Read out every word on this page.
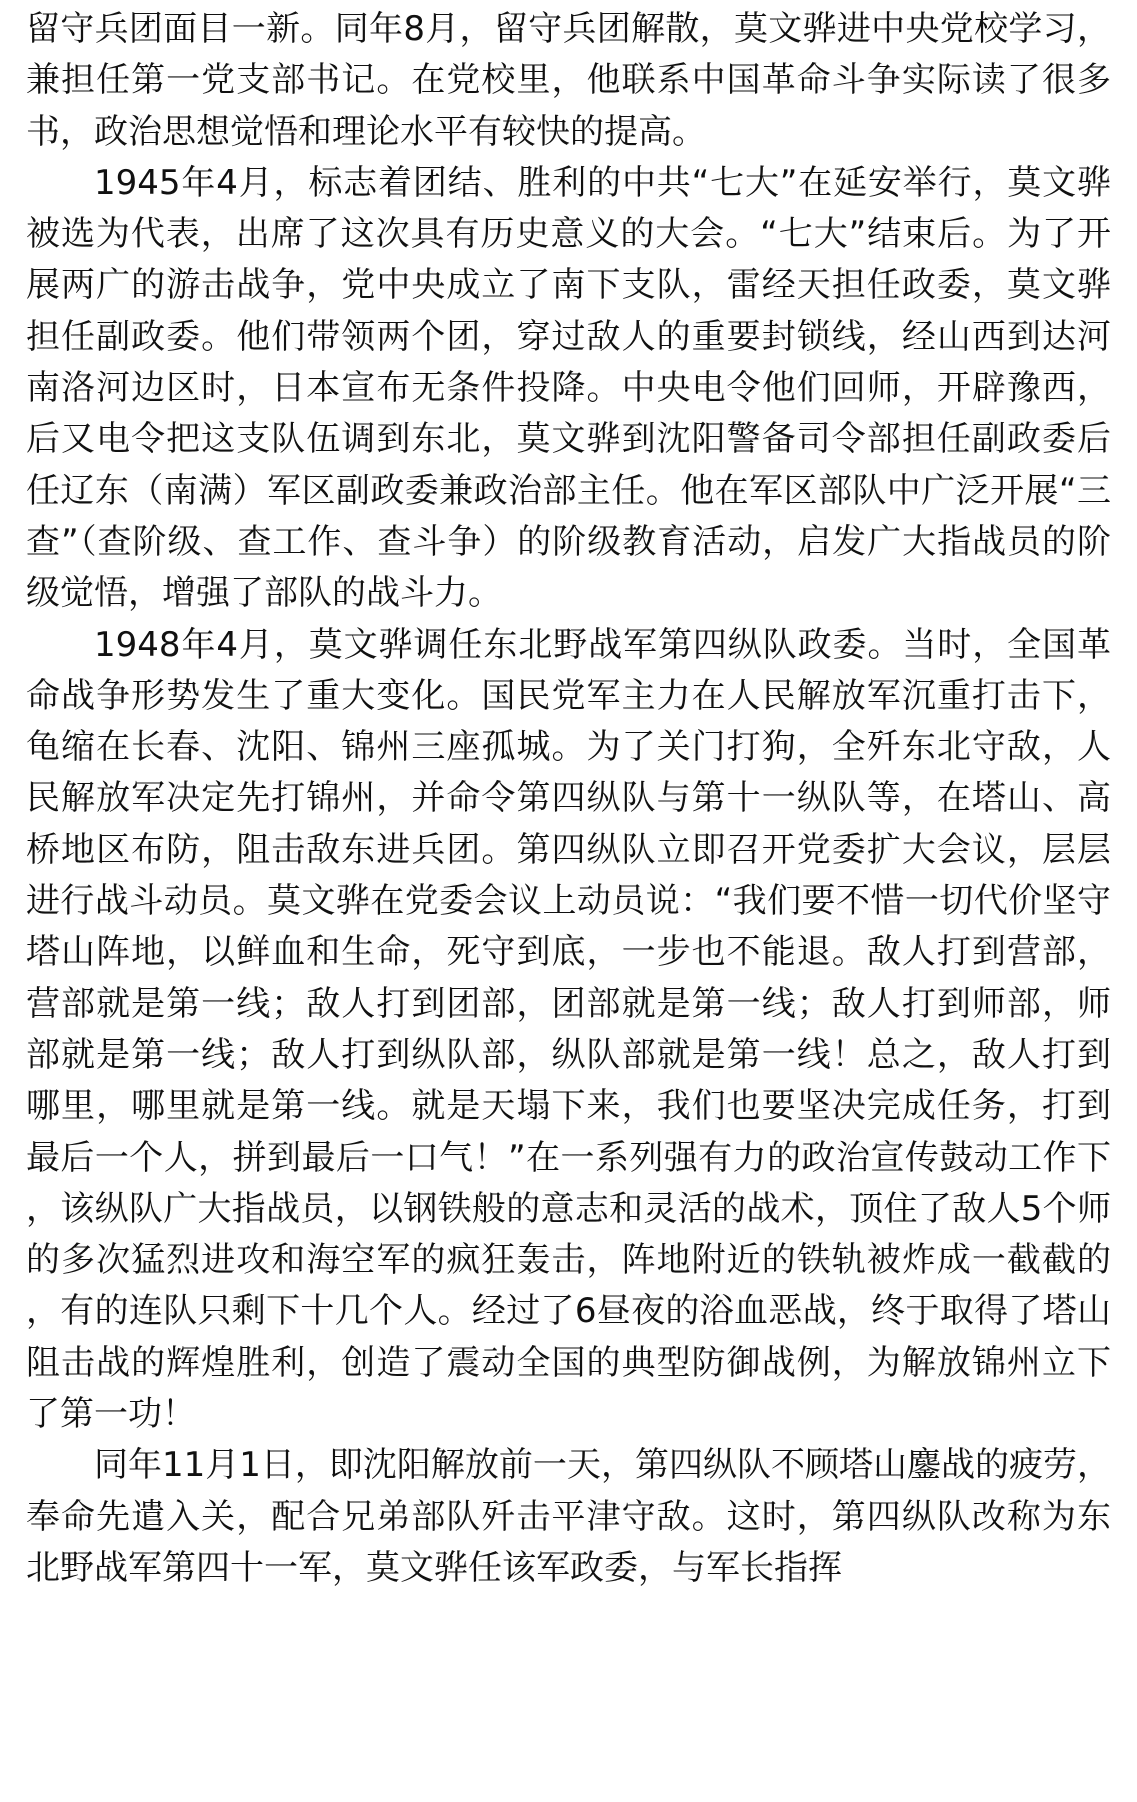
留守兵团面目一新。同年8月，留守兵团解散，莫文骅进中央党校学习，兼担任第一党支部书记。在党校里，他联系中国革命斗争实际读了很多书，政治思想觉悟和理论水平有较快的提高。

1945年4月，标志着团结、胜利的中共“七大”在延安举行，莫文骅被选为代表，出席了这次具有历史意义的大会。“七大”结束后。为了开展两广的游击战争，党中央成立了南下支队，雷经天担任政委，莫文骅担任副政委。他们带领两个团，穿过敌人的重要封锁线，经山西到达河南洛河边区时，日本宣布无条件投降。中央电令他们回师，开辟豫西，后又电令把这支队伍调到东北，莫文骅到沈阳警备司令部担任副政委后任辽东（南满）军区副政委兼政治部主任。他在军区部队中广泛开展“三查”（查阶级、查工作、查斗争）的阶级教育活动，启发广大指战员的阶级觉悟，增强了部队的战斗力。

1948年4月，莫文骅调任东北野战军第四纵队政委。当时，全国革命战争形势发生了重大变化。国民党军主力在人民解放军沉重打击下，龟缩在长春、沈阳、锦州三座孤城。为了关门打狗，全歼东北守敌，人民解放军决定先打锦州，并命令第四纵队与第十一纵队等，在塔山、高桥地区布防，阻击敌东进兵团。第四纵队立即召开党委扩大会议，层层进行战斗动员。莫文骅在党委会议上动员说：“我们要不惜一切代价坚守塔山阵地，以鲜血和生命，死守到底，一步也不能退。敌人打到营部，营部就是第一线；敌人打到团部，团部就是第一线；敌人打到师部，师部就是第一线；敌人打到纵队部，纵队部就是第一线！总之，敌人打到哪里，哪里就是第一线。就是天塌下来，我们也要坚决完成任务，打到最后一个人，拼到最后一口气！”在一系列强有力的政治宣传鼓动工作下，该纵队广大指战员，以钢铁般的意志和灵活的战术，顶住了敌人5个师的多次猛烈进攻和海空军的疯狂轰击，阵地附近的铁轨被炸成一截截的，有的连队只剩下十几个人。经过了6昼夜的浴血恶战，终于取得了塔山阻击战的辉煌胜利，创造了震动全国的典型防御战例，为解放锦州立下了第一功！

同年11月1日，即沈阳解放前一天，第四纵队不顾塔山鏖战的疲劳，奉命先遣入关，配合兄弟部队歼击平津守敌。这时，第四纵队改称为东北野战军第四十一军，莫文骅任该军政委，与军长指挥
